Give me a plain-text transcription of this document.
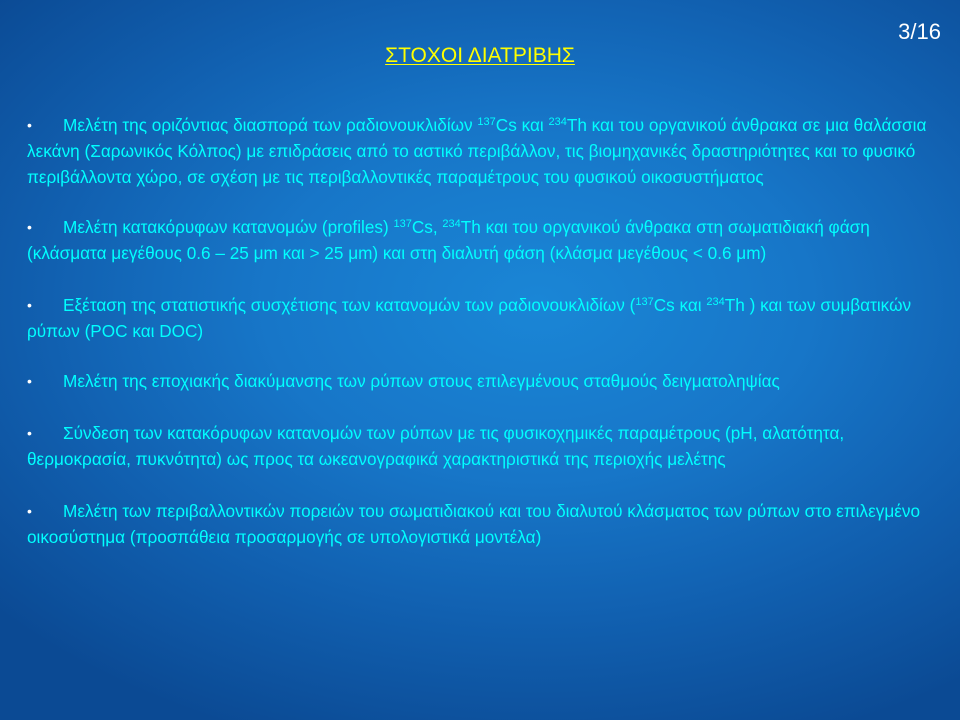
3/16
ΣΤΟΧΟΙ ΔΙΑΤΡΙΒΗΣ
• Μελέτη της οριζόντιας διασπορά των ραδιονουκλιδίων $^{137}$Cs και $^{234}$Th και του οργανικού άνθρακα σε μια θαλάσσια λεκάνη (Σαρωνικός Κόλπος) με επιδράσεις από το αστικό περιβάλλον, τις βιομηχανικές δραστηριότητες και το φυσικό περιβάλλοντα χώρο, σε σχέση με τις περιβαλλοντικές παραμέτρους του φυσικού οικοσυστήματος
• Μελέτη κατακόρυφων κατανομών (profiles) $^{137}$Cs, $^{234}$Th και του οργανικού άνθρακα στη σωματιδιακή φάση (κλάσματα μεγέθους 0.6 – 25 μm και > 25 μm) και στη διαλυτή φάση (κλάσμα μεγέθους < 0.6 μm)
• Εξέταση της στατιστικής συσχέτισης των κατανομών των ραδιονουκλιδίων ($^{137}$Cs και $^{234}$Th ) και των συμβατικών ρύπων (POC και DOC)
• Μελέτη της εποχιακής διακύμανσης των ρύπων στους επιλεγμένους σταθμούς δειγματοληψίας
• Σύνδεση των κατακόρυφων κατανομών των ρύπων με τις φυσικοχημικές παραμέτρους (pH, αλατότητα, θερμοκρασία, πυκνότητα) ως προς τα ωκεανογραφικά χαρακτηριστικά της περιοχής μελέτης
• Μελέτη των περιβαλλοντικών πορειών του σωματιδιακού και του διαλυτού κλάσματος των ρύπων στο επιλεγμένο οικοσύστημα (προσπάθεια προσαρμογής σε υπολογιστικά μοντέλα)
